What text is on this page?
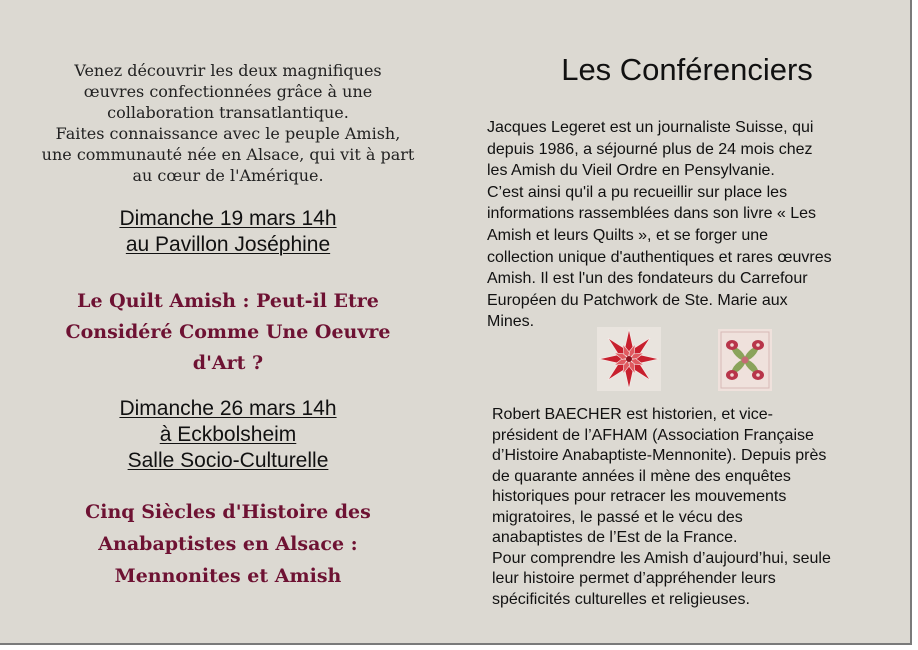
Venez découvrir les deux magnifiques
œuvres confectionnées grâce à une
collaboration transatlantique.
Faites connaissance avec le peuple Amish,
une communauté née en Alsace, qui vit à part
au cœur de l'Amérique.

Dimanche 19 mars 14h
au Pavillon Joséphine

Le Quilt Amish : Peut-il Etre
Considéré Comme Une Oeuvre
d'Art ?

Dimanche 26 mars 14h
à Eckbolsheim
Salle Socio-Culturelle

Cinq Siècles d'Histoire des
Anabaptistes en Alsace :
Mennonites et Amish

Les Conférenciers

Jacques Legeret est un journaliste Suisse, qui
depuis 1986, a séjourné plus de 24 mois chez
les Amish du Vieil Ordre en Pensylvanie.
C’est ainsi qu'il a pu recueillir sur place les
informations rassemblées dans son livre « Les
Amish et leurs Quilts », et se forger une
collection unique d'authentiques et rares œuvres
Amish. Il est l'un des fondateurs du Carrefour
Européen du Patchwork de Ste. Marie aux
Mines.

Robert BAECHER est historien, et vice-
président de l’AFHAM (Association Française
d’Histoire Anabaptiste-Mennonite). Depuis près
de quarante années il mène des enquêtes
historiques pour retracer les mouvements
migratoires, le passé et le vécu des
anabaptistes de l’Est de la France.
Pour comprendre les Amish d’aujourd’hui, seule
leur histoire permet d’appréhender leurs
spécificités culturelles et religieuses.
